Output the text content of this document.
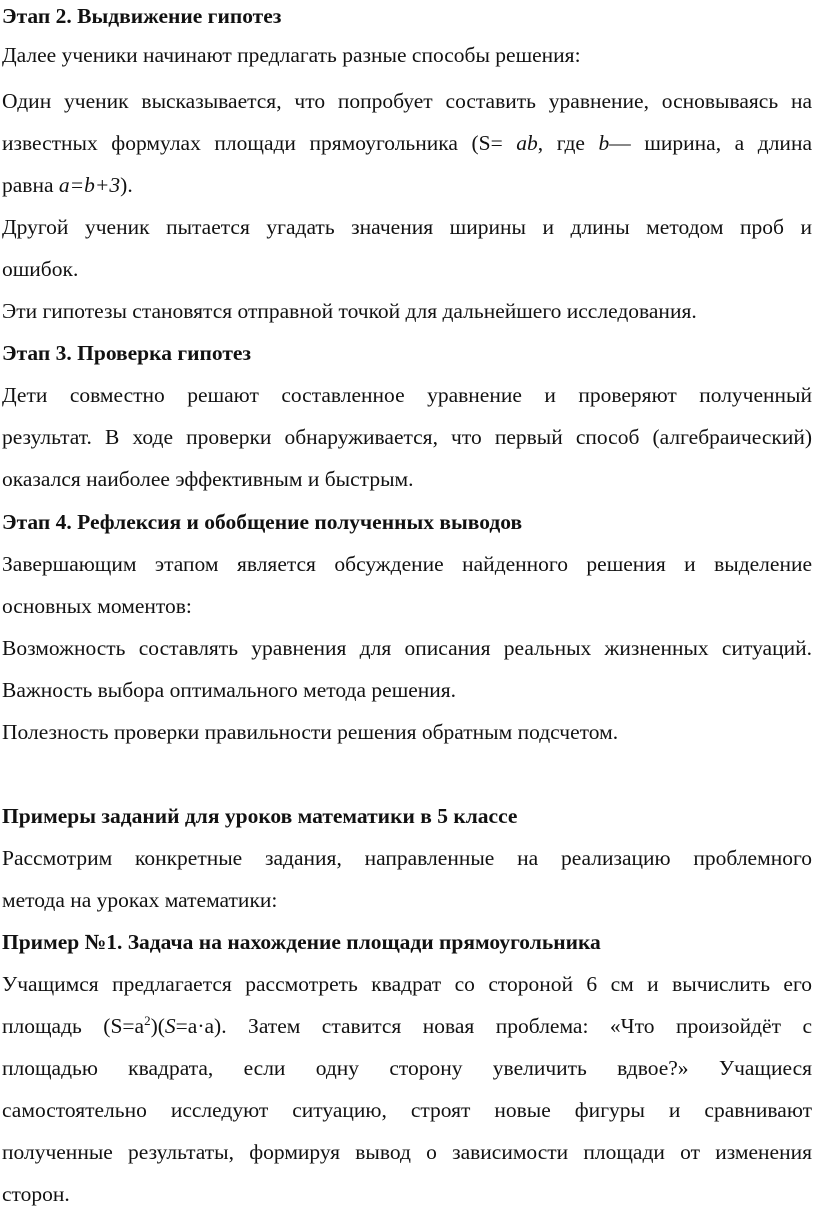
Этап 2. Выдвижение гипотез
Далее ученики начинают предлагать разные способы решения:
Один ученик высказывается, что попробует составить уравнение, основываясь на
известных формулах площади прямоугольника (S= ab, где b— ширина, а длина
равна a=b+3).
Другой ученик пытается угадать значения ширины и длины методом проб и
ошибок.
Эти гипотезы становятся отправной точкой для дальнейшего исследования.
Этап 3. Проверка гипотез
Дети совместно решают составленное уравнение и проверяют полученный
результат. В ходе проверки обнаруживается, что первый способ (алгебраический)
оказался наиболее эффективным и быстрым.
Этап 4. Рефлексия и обобщение полученных выводов
Завершающим этапом является обсуждение найденного решения и выделение
основных моментов:
Возможность составлять уравнения для описания реальных жизненных ситуаций.
Важность выбора оптимального метода решения.
Полезность проверки правильности решения обратным подсчетом.
Примеры заданий для уроков математики в 5 классе
Рассмотрим конкретные задания, направленные на реализацию проблемного
метода на уроках математики:
Пример №1. Задача на нахождение площади прямоугольника
Учащимся предлагается рассмотреть квадрат со стороной 6 см и вычислить его
площадь $(S=a^2)(S=a\cdot a)$. Затем ставится новая проблема: «Что произойдёт с
площадью квадрата, если одну сторону увеличить вдвое?» Учащиеся
самостоятельно исследуют ситуацию, строят новые фигуры и сравнивают
полученные результаты, формируя вывод о зависимости площади от изменения
сторон.
